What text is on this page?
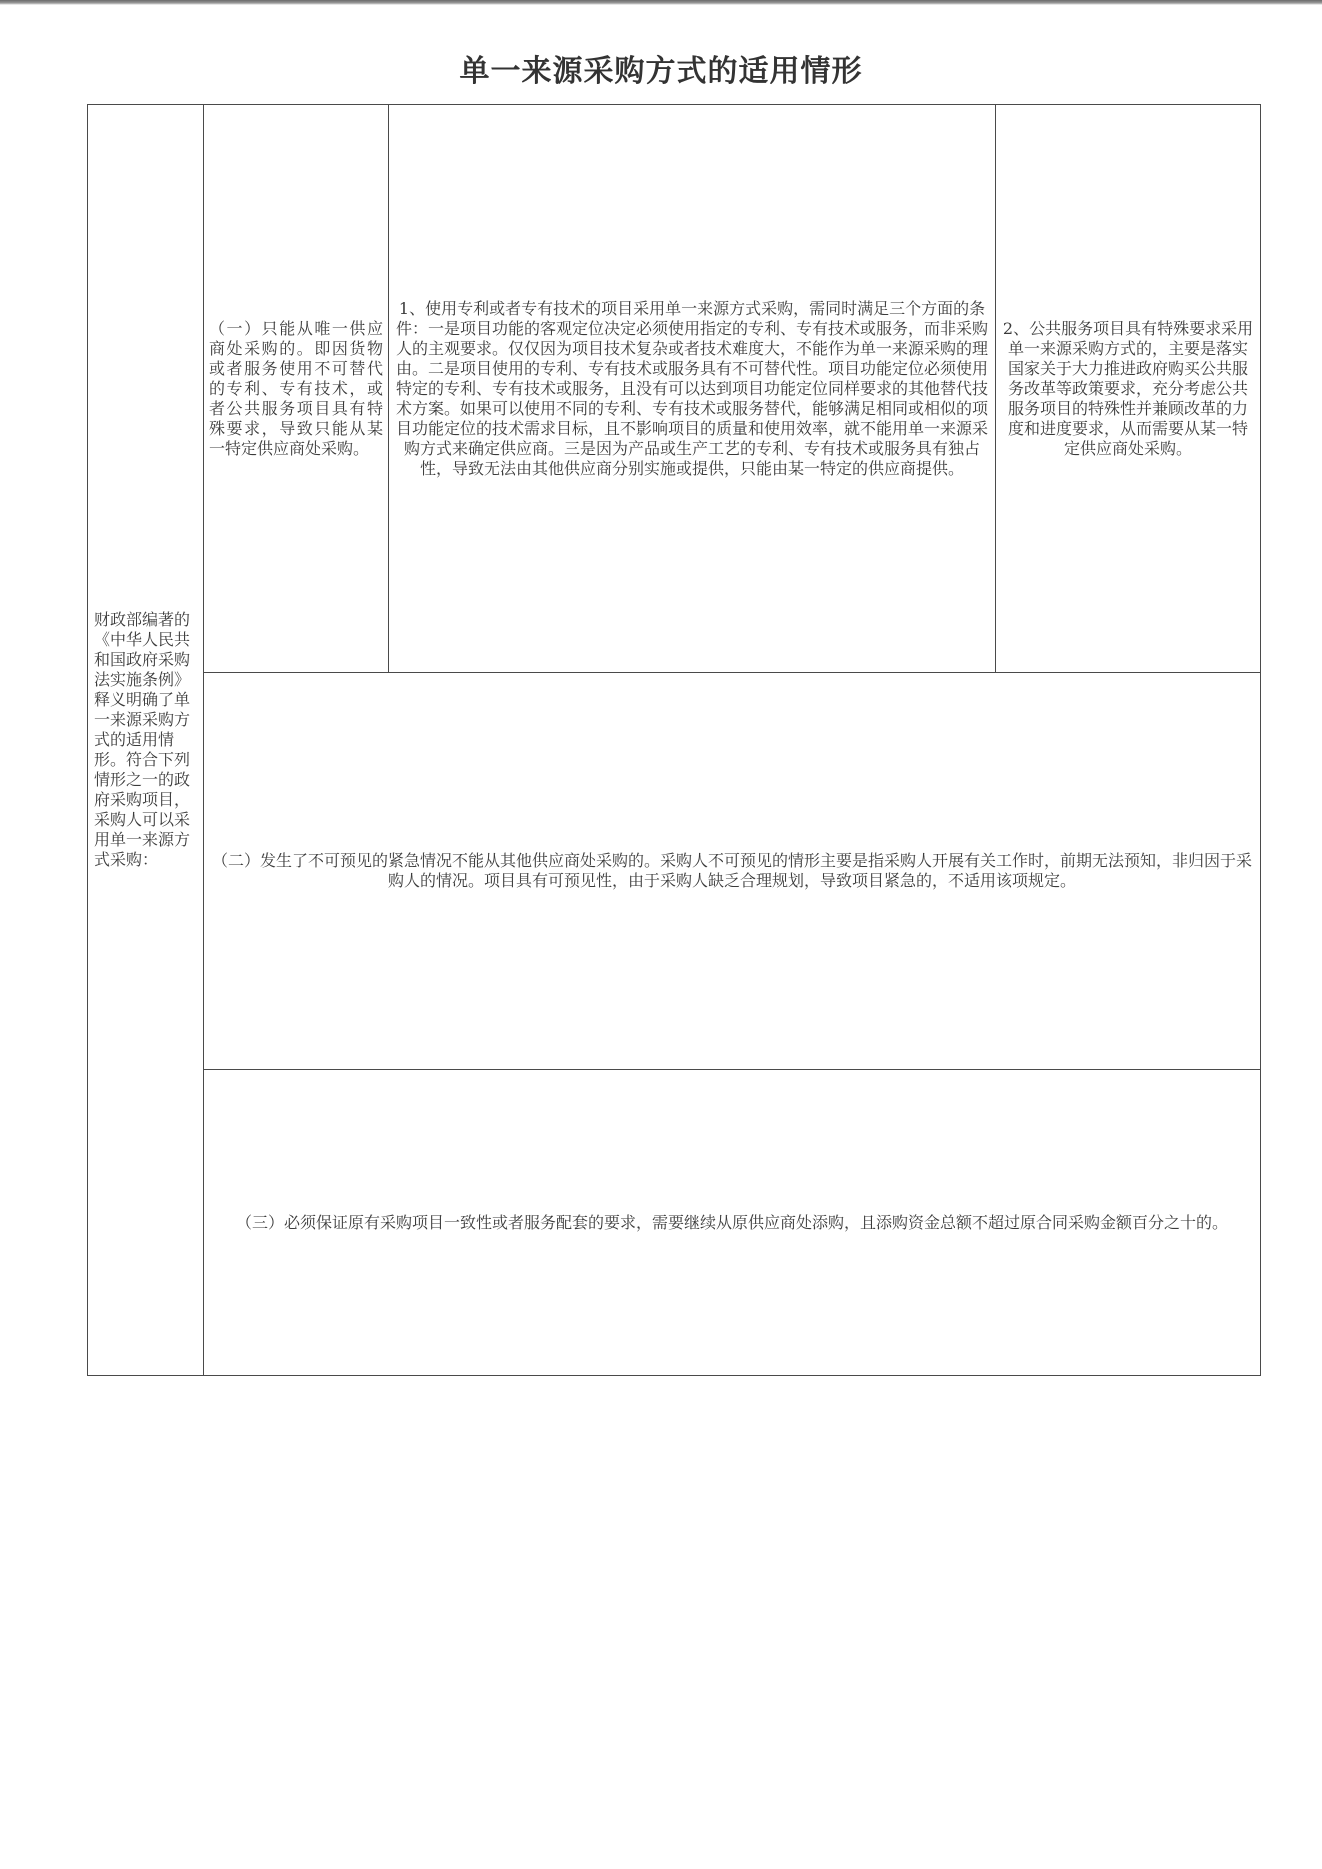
单一来源采购方式的适用情形
财政部编著的《中华人民共和国政府采购法实施条例》释义明确了单一来源采购方式的适用情形。符合下列情形之一的政府采购项目，采购人可以采用单一来源方式采购：	（一）只能从唯一供应商处采购的。即因货物或者服务使用不可替代的专利、专有技术，或者公共服务项目具有特殊要求，导致只能从某一特定供应商处采购。	1、使用专利或者专有技术的项目采用单一来源方式采购，需同时满足三个方面的条件：一是项目功能的客观定位决定必须使用指定的专利、专有技术或服务，而非采购人的主观要求。仅仅因为项目技术复杂或者技术难度大，不能作为单一来源采购的理由。二是项目使用的专利、专有技术或服务具有不可替代性。项目功能定位必须使用特定的专利、专有技术或服务，且没有可以达到项目功能定位同样要求的其他替代技术方案。如果可以使用不同的专利、专有技术或服务替代，能够满足相同或相似的项目功能定位的技术需求目标，且不影响项目的质量和使用效率，就不能用单一来源采购方式来确定供应商。三是因为产品或生产工艺的专利、专有技术或服务具有独占性，导致无法由其他供应商分别实施或提供，只能由某一特定的供应商提供。	2、公共服务项目具有特殊要求采用单一来源采购方式的，主要是落实国家关于大力推进政府购买公共服务改革等政策要求，充分考虑公共服务项目的特殊性并兼顾改革的力度和进度要求，从而需要从某一特定供应商处采购。
（二）发生了不可预见的紧急情况不能从其他供应商处采购的。采购人不可预见的情形主要是指采购人开展有关工作时，前期无法预知，非归因于采购人的情况。项目具有可预见性，由于采购人缺乏合理规划，导致项目紧急的，不适用该项规定。
（三）必须保证原有采购项目一致性或者服务配套的要求，需要继续从原供应商处添购，且添购资金总额不超过原合同采购金额百分之十的。
